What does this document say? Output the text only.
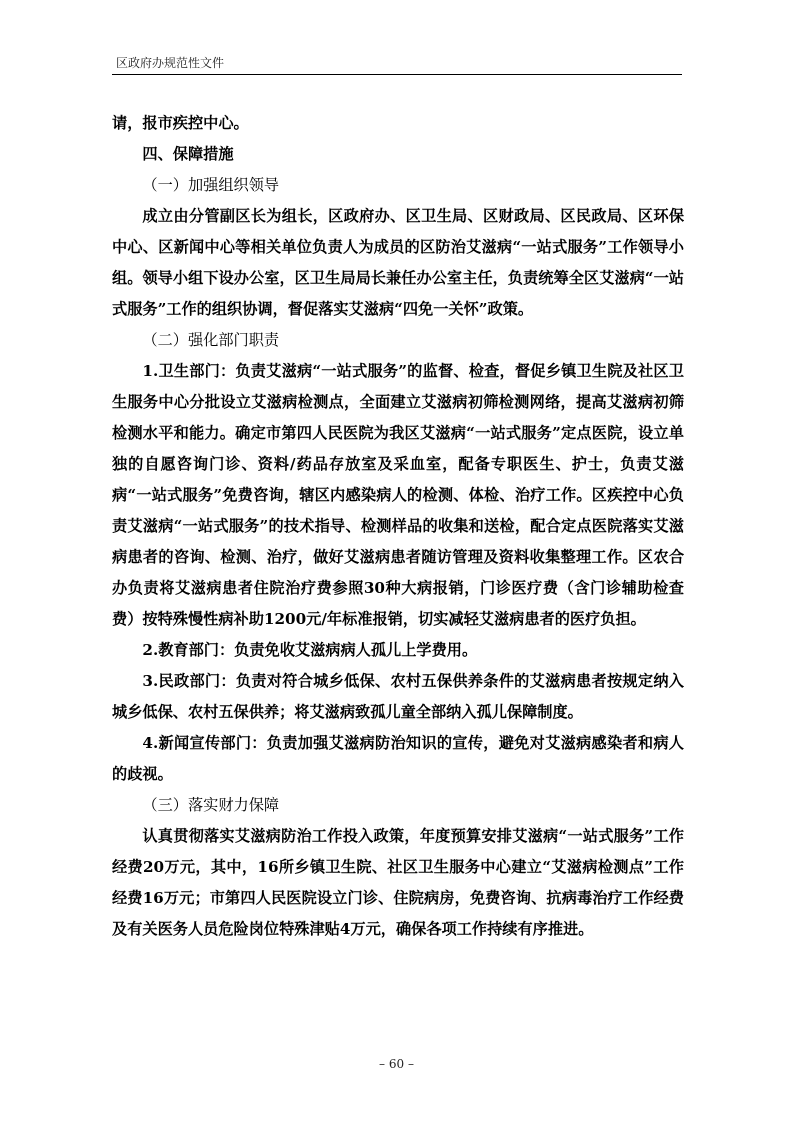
区政府办规范性文件

请，报市疾控中心。

四、保障措施

（一）加强组织领导

成立由分管副区长为组长，区政府办、区卫生局、区财政局、区民政局、区环保中心、区新闻中心等相关单位负责人为成员的区防治艾滋病“一站式服务”工作领导小组。领导小组下设办公室，区卫生局局长兼任办公室主任，负责统筹全区艾滋病“一站式服务”工作的组织协调，督促落实艾滋病“四免一关怀”政策。

（二）强化部门职责

1.卫生部门：负责艾滋病“一站式服务”的监督、检查，督促乡镇卫生院及社区卫生服务中心分批设立艾滋病检测点，全面建立艾滋病初筛检测网络，提高艾滋病初筛检测水平和能力。确定市第四人民医院为我区艾滋病“一站式服务”定点医院，设立单独的自愿咨询门诊、资料/药品存放室及采血室，配备专职医生、护士，负责艾滋病“一站式服务”免费咨询，辖区内感染病人的检测、体检、治疗工作。区疾控中心负责艾滋病“一站式服务”的技术指导、检测样品的收集和送检，配合定点医院落实艾滋病患者的咨询、检测、治疗，做好艾滋病患者随访管理及资料收集整理工作。区农合办负责将艾滋病患者住院治疗费参照30种大病报销，门诊医疗费（含门诊辅助检查费）按特殊慢性病补助1200元/年标准报销，切实减轻艾滋病患者的医疗负担。

2.教育部门：负责免收艾滋病病人孤儿上学费用。

3.民政部门：负责对符合城乡低保、农村五保供养条件的艾滋病患者按规定纳入城乡低保、农村五保供养；将艾滋病致孤儿童全部纳入孤儿保障制度。

4.新闻宣传部门：负责加强艾滋病防治知识的宣传，避免对艾滋病感染者和病人的歧视。

（三）落实财力保障

认真贯彻落实艾滋病防治工作投入政策，年度预算安排艾滋病“一站式服务”工作经费20万元，其中，16所乡镇卫生院、社区卫生服务中心建立“艾滋病检测点”工作经费16万元；市第四人民医院设立门诊、住院病房，免费咨询、抗病毒治疗工作经费及有关医务人员危险岗位特殊津贴4万元，确保各项工作持续有序推进。

– 60 –
